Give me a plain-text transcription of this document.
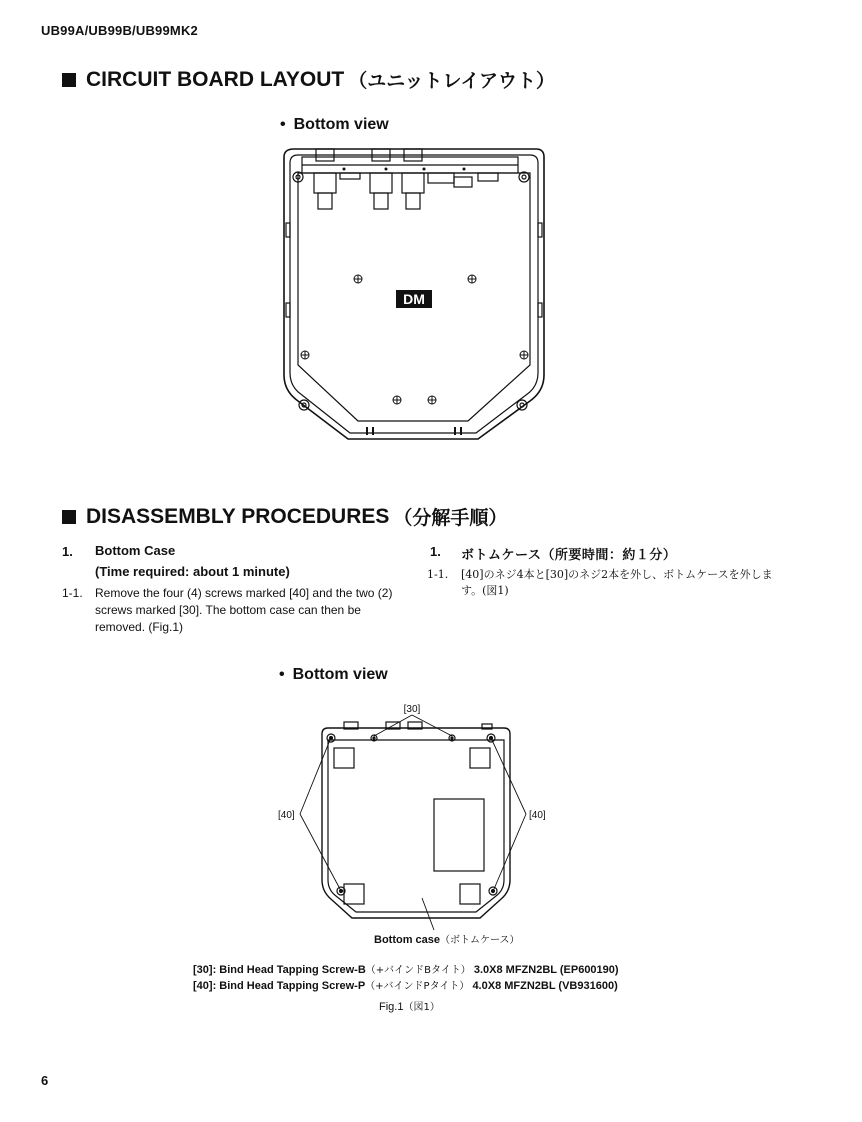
UB99A/UB99B/UB99MK2
CIRCUIT BOARD LAYOUT （ユニットレイアウト）
• Bottom view
DM
DISASSEMBLY PROCEDURES （分解手順）
1. Bottom Case
(Time required: about 1 minute)
1-1. Remove the four (4) screws marked [40] and the two (2) screws marked [30]. The bottom case can then be removed. (Fig.1)
1. ボトムケース（所要時間：約１分）
1-1. [40]のネジ4本と[30]のネジ2本を外し、ボトムケースを外します。(図1)
• Bottom view
[30]
[40]	[40]
Bottom case（ボトムケース）
[30]: Bind Head Tapping Screw-B（+バインドBタイト） 3.0X8 MFZN2BL (EP600190)
[40]: Bind Head Tapping Screw-P（+バインドPタイト） 4.0X8 MFZN2BL (VB931600)
Fig.1（図1）
6
